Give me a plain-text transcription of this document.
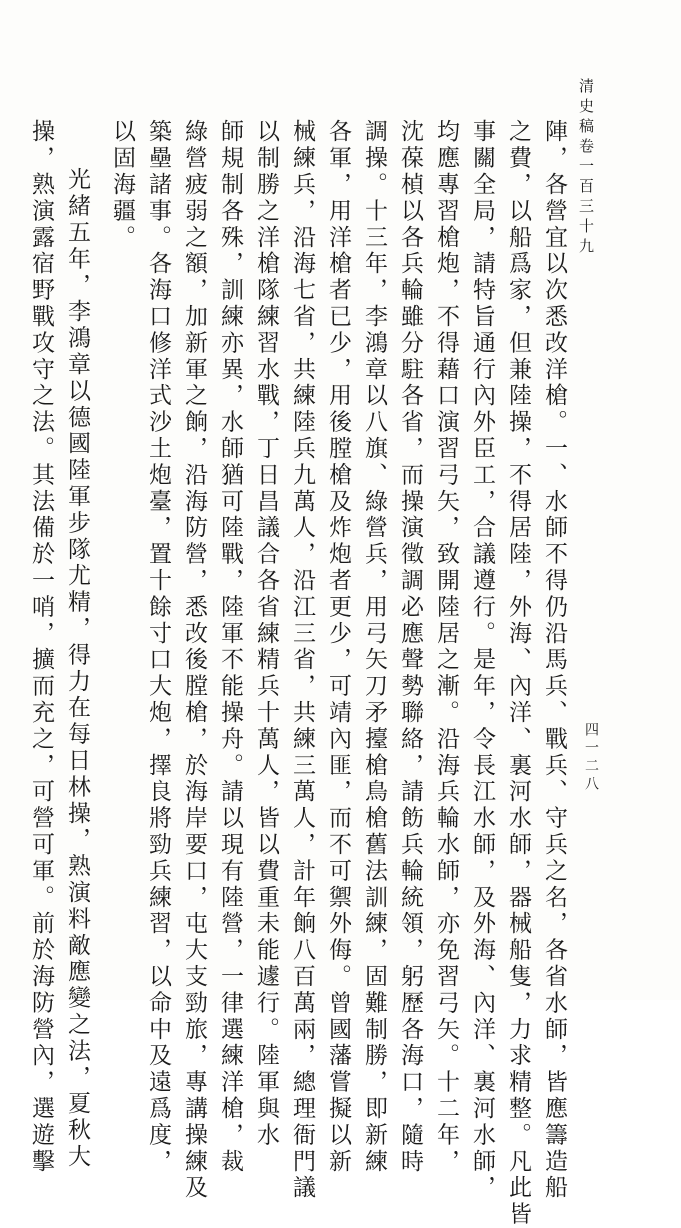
清史稿卷一百三十九
四一二八
陣，各營宜以次悉改洋槍。一、水師不得仍沿馬兵、戰兵、守兵之名，各省水師，皆應籌造船
之費，以船爲家，但兼陸操，不得居陸，外海、內洋、裏河水師，器械船隻，力求精整。凡此皆
事關全局，請特旨通行內外臣工，合議遵行。是年，令長江水師，及外海、內洋、裏河水師，
均應專習槍炮，不得藉口演習弓矢，致開陸居之漸。沿海兵輪水師，亦免習弓矢。十二年，
沈葆楨以各兵輪雖分駐各省，而操演徵調必應聲勢聯絡，請飭兵輪統領，躬歷各海口，隨時
調操。十三年，李鴻章以八旗、綠營兵，用弓矢刀矛擡槍鳥槍舊法訓練，固難制勝，即新練
各軍，用洋槍者已少，用後膛槍及炸炮者更少，可靖內匪，而不可禦外侮。曾國藩嘗擬以新
械練兵，沿海七省，共練陸兵九萬人，沿江三省，共練三萬人，計年餉八百萬兩，總理衙門議
以制勝之洋槍隊練習水戰，丁日昌議合各省練精兵十萬人，皆以費重未能遽行。陸軍與水
師規制各殊，訓練亦異，水師猶可陸戰，陸軍不能操舟。請以現有陸營，一律選練洋槍，裁
綠營疲弱之額，加新軍之餉，沿海防營，悉改後膛槍，於海岸要口，屯大支勁旅，專講操練及
築壘諸事。各海口修洋式沙土炮臺，置十餘寸口大炮，擇良將勁兵練習，以命中及遠爲度，
以固海疆。
光緒五年，李鴻章以德國陸軍步隊尤精，得力在每日林操，熟演料敵應變之法，夏秋大
操，熟演露宿野戰攻守之法。其法備於一哨，擴而充之，可營可軍。前於海防營內，選遊擊
